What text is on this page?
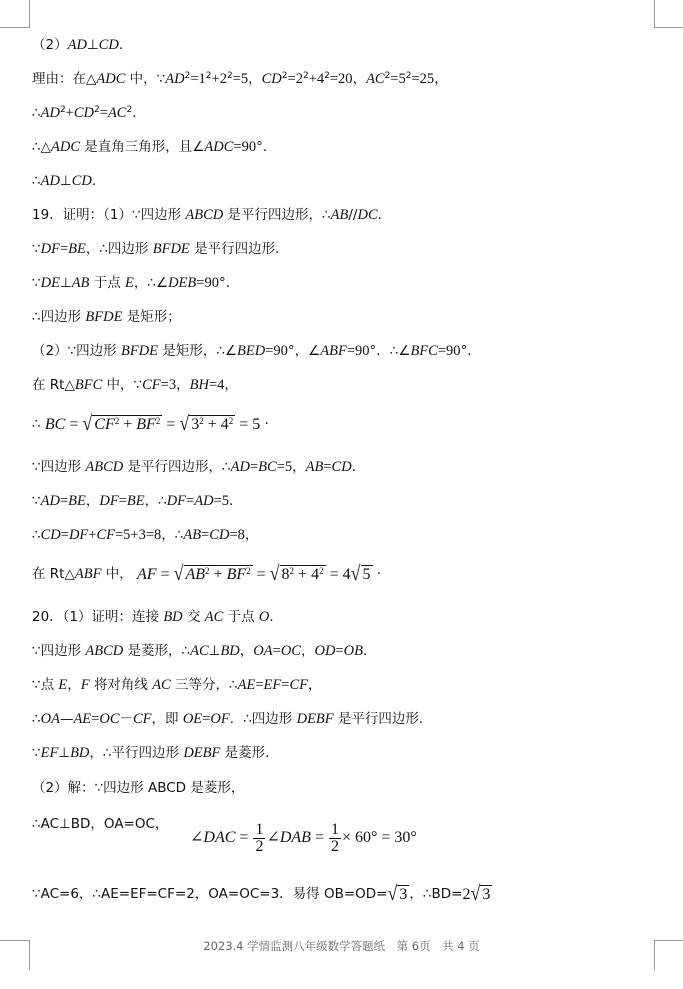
（2）AD⊥CD．
理由：在△ADC 中，$\because AD^2=1^2+2^2=5$，$CD^2=2^2+4^2=20$，$AC^2=5^2=25$，
$\therefore AD^2+CD^2=AC^2$．
∴△ADC 是直角三角形，且∠ADC=90°．
∴AD⊥CD．
19．证明：（1）∵四边形 ABCD 是平行四边形，∴AB//DC．
∵DF=BE，∴四边形 BFDE 是平行四边形．
∵DE⊥AB 于点 E，∴∠DEB=90°．
∴四边形 BFDE 是矩形；
（2）∵四边形 BFDE 是矩形，∴∠BED=90°，∠ABF=90°．∴∠BFC=90°．
在 Rt△BFC 中，∵CF=3，BH=4，
∴ BC = √ $CF^2 + BF^2$ = √ $3^2 + 4^2 = 5$ ·
∵四边形 ABCD 是平行四边形，∴AD=BC=5，AB=CD．
∵AD=BE，DF=BE，∴DF=AD=5．
∴CD=DF+CF=5+3=8，∴AB=CD=8，
在 Rt△ABF 中， AF = √ $AB^2 + BF^2$ = √ $8^2 + 4^2 = 4√$ 5 ·
20．（1）证明：连接 BD 交 AC 于点 O．
∵四边形 ABCD 是菱形，∴AC⊥BD，OA=OC，OD=OB．
∵点 E，F 将对角线 AC 三等分，∴AE=EF=CF，
∴OA—AE=OC－CF，即 OE=OF．∴四边形 DEBF 是平行四边形．
∵EF⊥BD，∴平行四边形 DEBF 是菱形．
（2）解：∵四边形 ABCD 是菱形，
∴AC⊥BD，OA=OC，
∠DAC = $\frac{1}{2}$ ∠DAB = $\frac{1}{2} \times 60^\circ = 30^\circ$
∵AC=6，∴AE=EF=CF=2，OA=OC=3．易得 OB=OD=√ 3 ，∴BD=2√ 3
2023.4 学情监测八年级数学答题纸　第 6页　共 4 页
